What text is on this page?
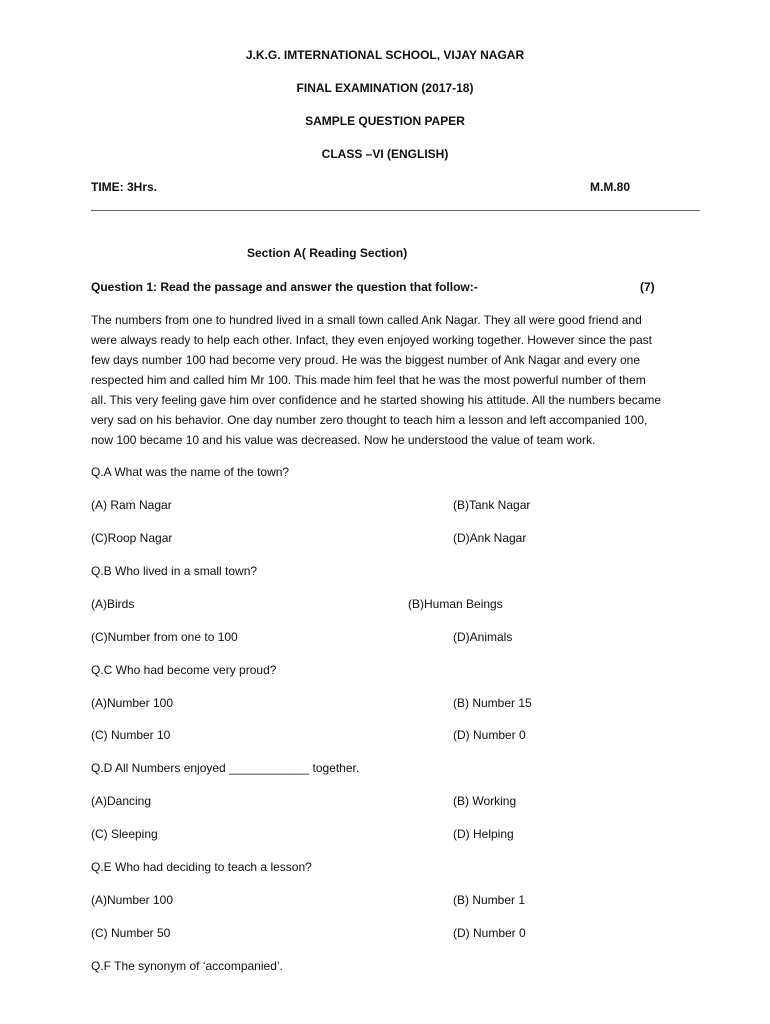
J.K.G. IMTERNATIONAL SCHOOL, VIJAY NAGAR
FINAL EXAMINATION (2017-18)
SAMPLE QUESTION PAPER
CLASS –VI (ENGLISH)
TIME: 3Hrs.	M.M.80
Section A( Reading Section)
Question 1: Read the passage and answer the question that follow:-	(7)
The numbers from one to hundred lived in a small town called Ank Nagar. They all were good friend and
were always ready to help each other. Infact, they even enjoyed working together. However since the past
few days number 100 had become very proud. He was the biggest number of Ank Nagar and every one
respected him and called him Mr 100. This made him feel that he was the most powerful number of them
all. This very feeling gave him over confidence and he started showing his attitude. All the numbers became
very sad on his behavior. One day number zero thought to teach him a lesson and left accompanied 100,
now 100 became 10 and his value was decreased. Now he understood the value of team work.
Q.A What was the name of the town?
(A) Ram Nagar	(B)Tank Nagar
(C)Roop Nagar	(D)Ank Nagar
Q.B Who lived in a small town?
(A)Birds	(B)Human Beings
(C)Number from one to 100	(D)Animals
Q.C Who had become very proud?
(A)Number 100	(B) Number 15
(C) Number 10	(D) Number 0
Q.D All Numbers enjoyed ____________ together.
(A)Dancing	(B) Working
(C) Sleeping	(D) Helping
Q.E Who had deciding to teach a lesson?
(A)Number 100	(B) Number 1
(C) Number 50	(D) Number 0
Q.F The synonym of ‘accompanied’.
